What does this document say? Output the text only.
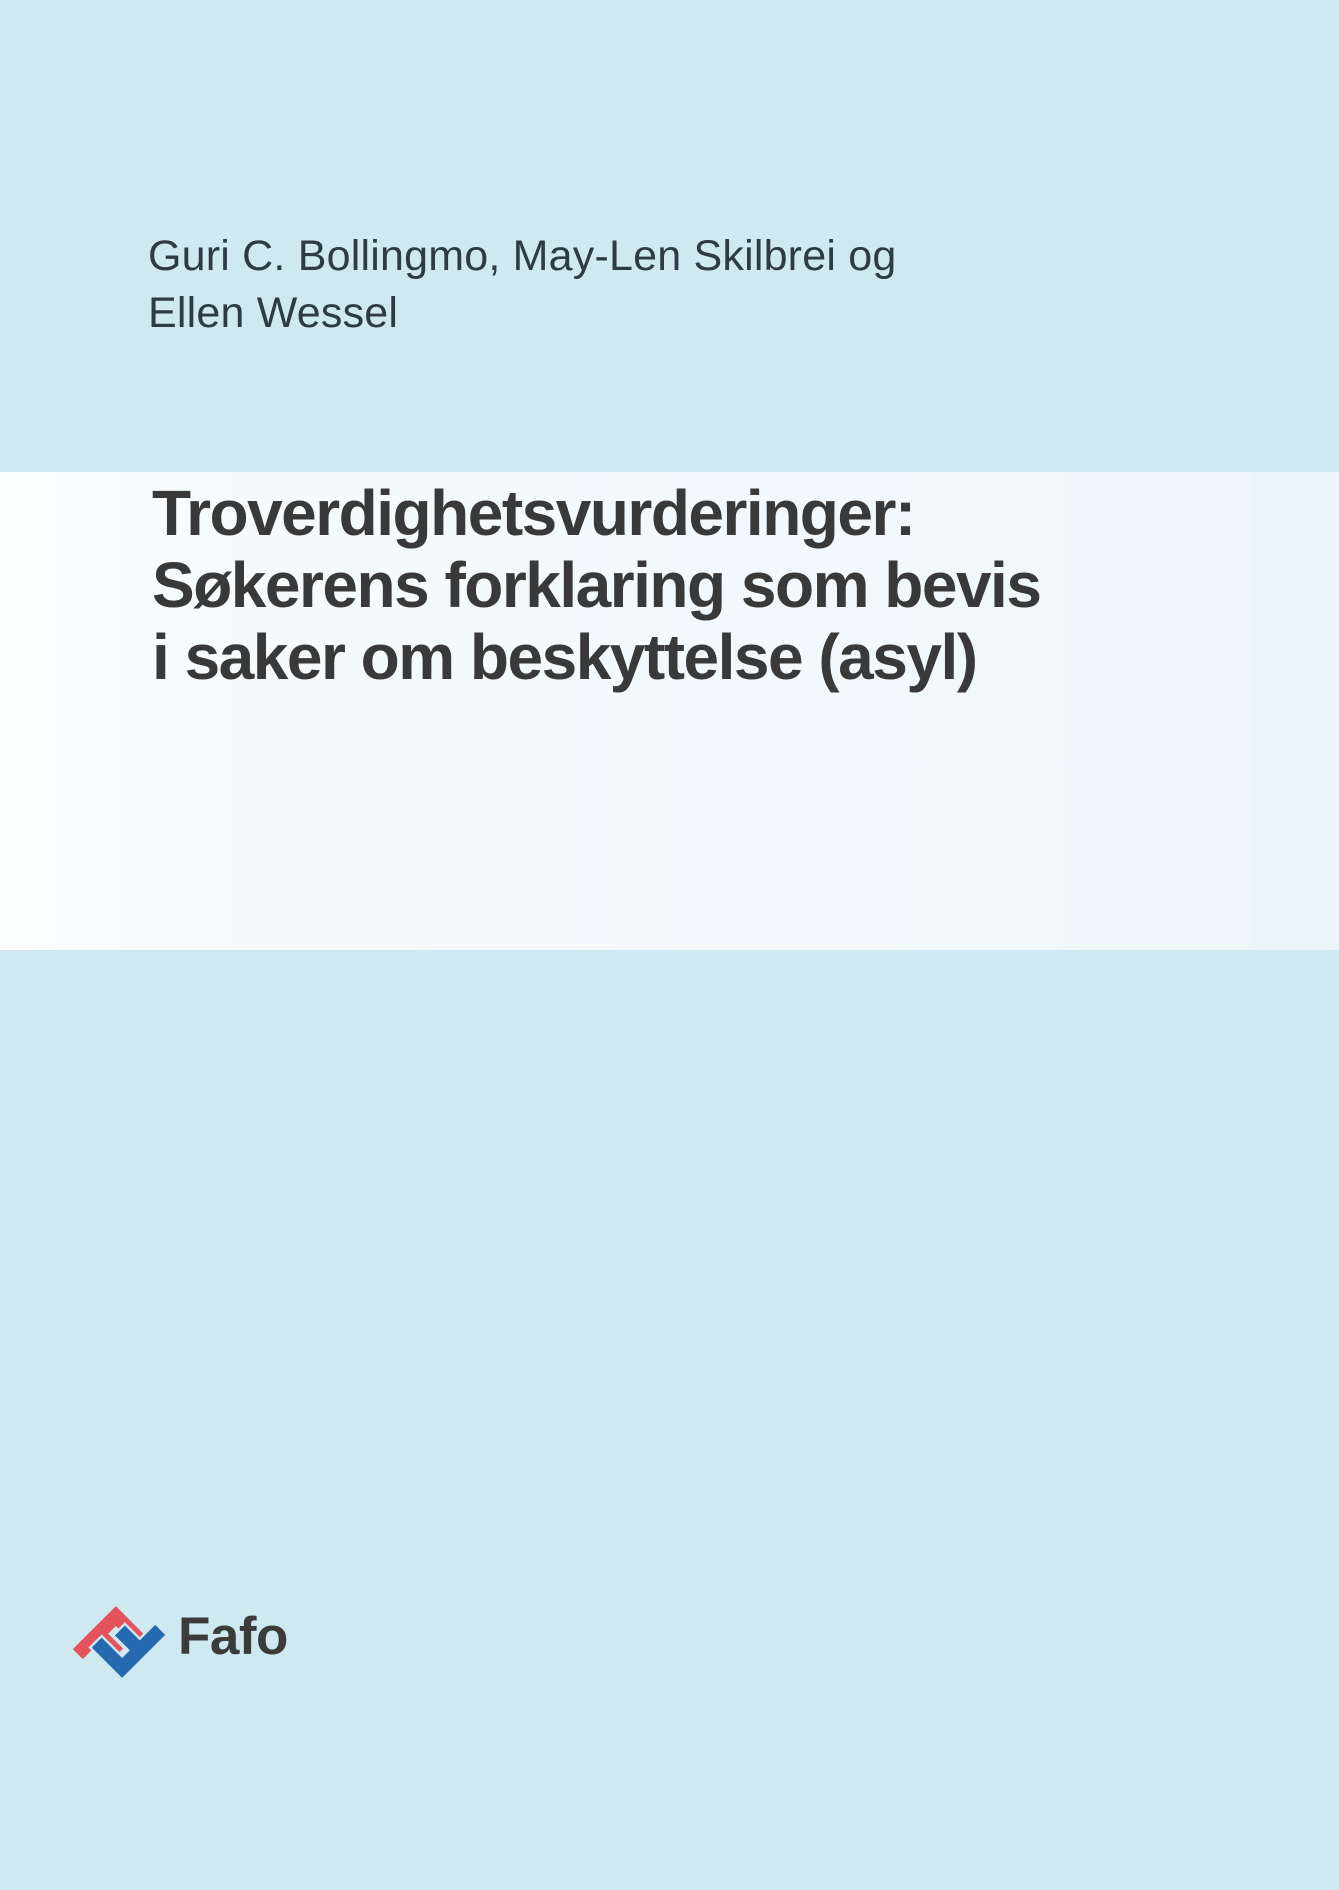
Guri C. Bollingmo, May-Len Skilbrei og
Ellen Wessel
Troverdighetsvurderinger:
Søkerens forklaring som bevis
i saker om beskyttelse (asyl)
Fafo
